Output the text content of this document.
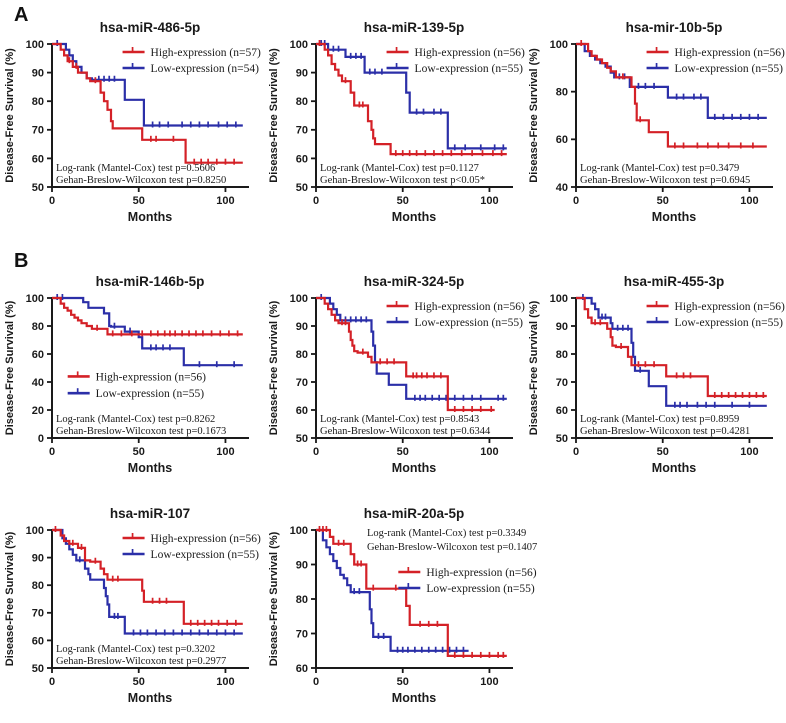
A
B
hsa-miR-486-5p
50
60
70
80
90
100
0	50	100
Months
Disease-Free Survival (%)	High-expression (n=57)
Low-expression (n=54)
Log-rank (Mantel-Cox) test p=0.5606
Gehan-Breslow-Wilcoxon test p=0.8250
hsa-miR-139-5p
50
60
70
80
90
100
0	50	100
Months
Disease-Free Survival (%)	High-expression (n=56)
Low-expression (n=55)
Log-rank (Mantel-Cox) test p=0.1127
Gehan-Breslow-Wilcoxon test p<0.05*
hsa-mir-10b-5p
40
60
80
100
0	50	100
Months
Disease-Free Survival (%)	High-expression (n=56)
Low-expression (n=55)
Log-rank (Mantel-Cox) test p=0.3479
Gehan-Breslow-Wilcoxon test p=0.6945
hsa-miR-146b-5p
0
20
40
60
80
100
0	50	100
Months
Disease-Free Survival (%)	High-expression (n=56)
Low-expression (n=55)
Log-rank (Mantel-Cox) test p=0.8262
Gehan-Breslow-Wilcoxon test p=0.1673
hsa-miR-324-5p
50
60
70
80
90
100
0	50	100
Months
Disease-Free Survival (%)	High-expression (n=56)
Low-expression (n=55)
Log-rank (Mantel-Cox) test p=0.8543
Gehan-Breslow-Wilcoxon test p=0.6344
hsa-miR-455-3p
50
60
70
80
90
100
0	50	100
Months
Disease-Free Survival (%)	High-expression (n=56)
Low-expression (n=55)
Log-rank (Mantel-Cox) test p=0.8959
Gehan-Breslow-Wilcoxon test p=0.4281
hsa-miR-107
50
60
70
80
90
100
0	50	100
Months
Disease-Free Survival (%)	High-expression (n=56)
Low-expression (n=55)
Log-rank (Mantel-Cox) test p=0.3202
Gehan-Breslow-Wilcoxon test p=0.2977
hsa-miR-20a-5p
60
70
80
90
100
0	50	100
Months
Disease-Free Survival (%)	High-expression (n=56)
Low-expression (n=55)
Log-rank (Mantel-Cox) test p=0.3349
Gehan-Breslow-Wilcoxon test p=0.1407
